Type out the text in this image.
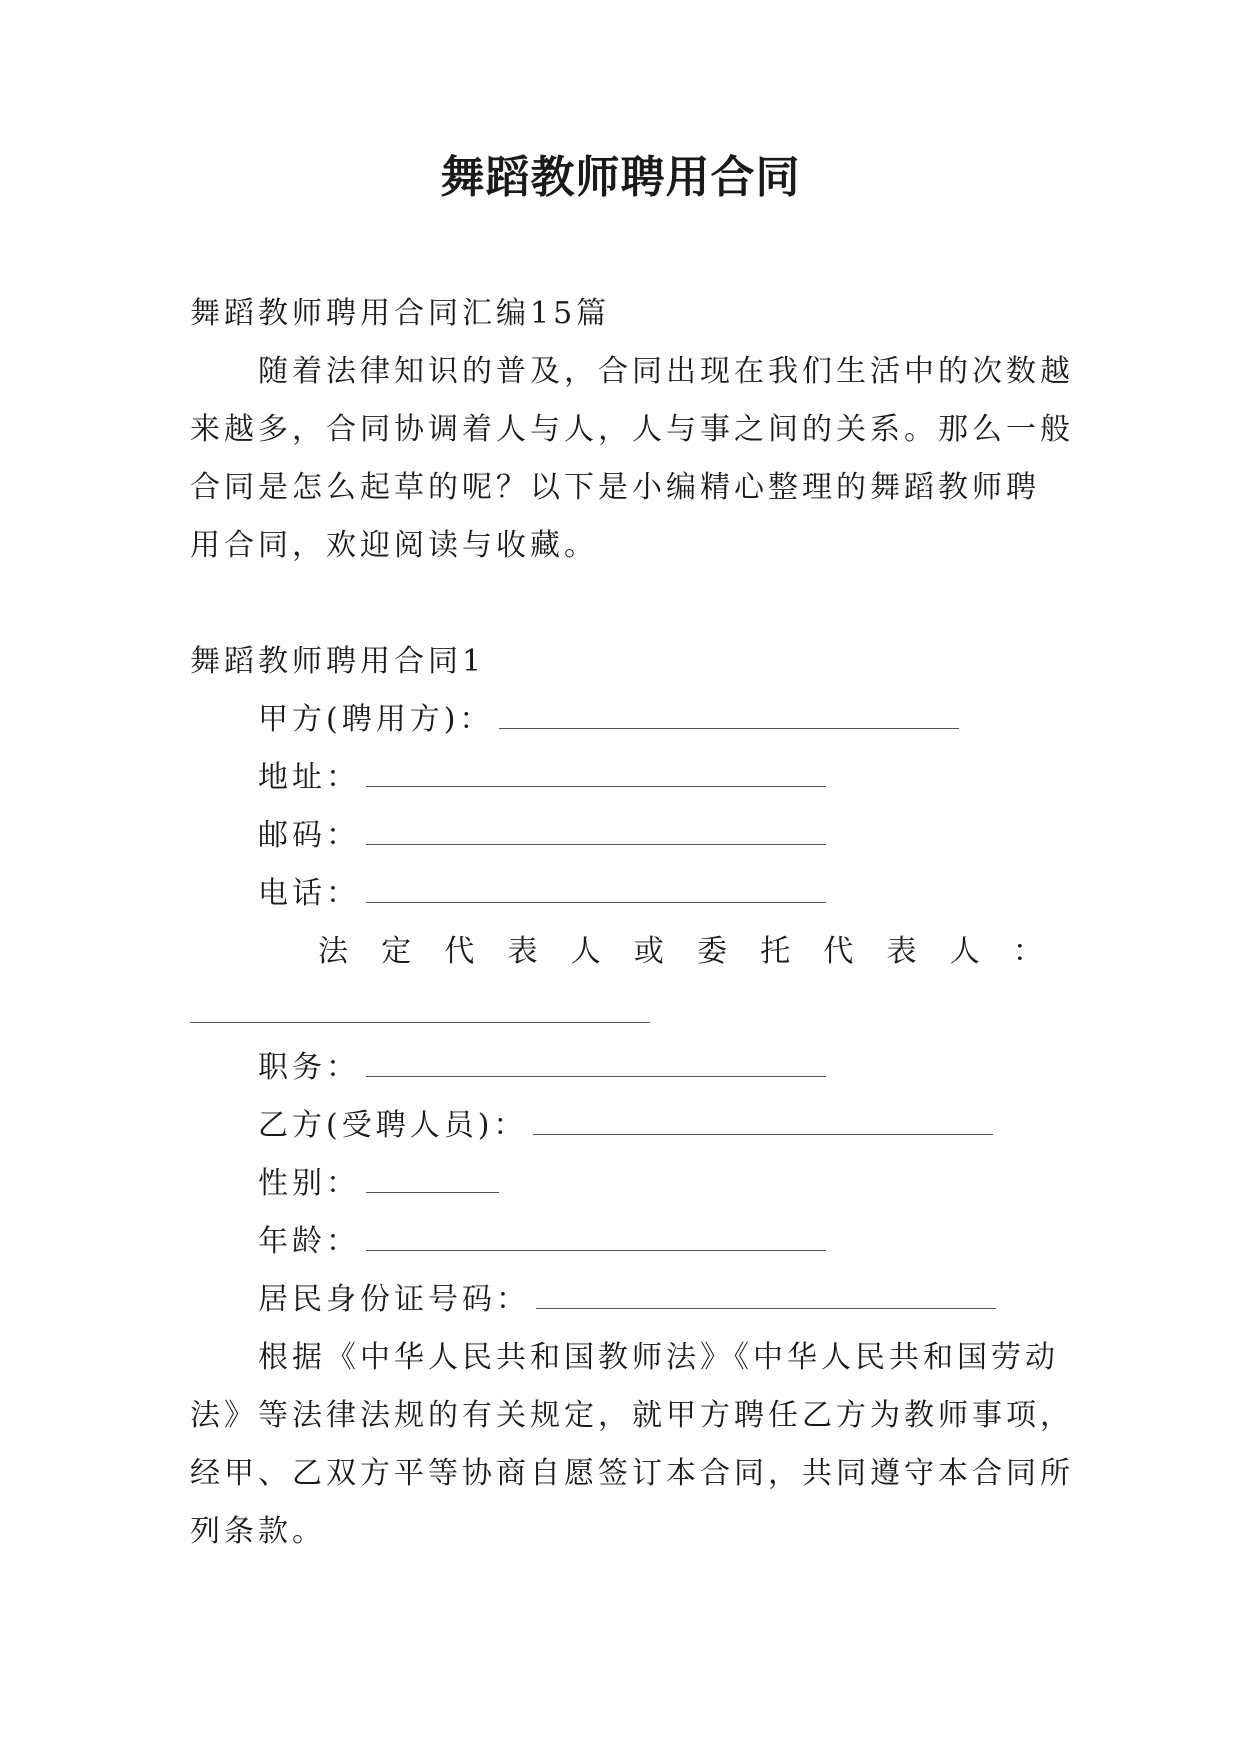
舞蹈教师聘用合同
舞蹈教师聘用合同汇编15篇
随着法律知识的普及，合同出现在我们生活中的次数越
来越多，合同协调着人与人，人与事之间的关系。那么一般
合同是怎么起草的呢？以下是小编精心整理的舞蹈教师聘
用合同，欢迎阅读与收藏。
舞蹈教师聘用合同1
甲方(聘用方)：
地址：
邮码：
电话：
法 定 代 表 人 或 委 托 代 表 人 ：
职务：
乙方(受聘人员)：
性别：
年龄：
居民身份证号码：
根据《中华人民共和国教师法》《中华人民共和国劳动
法》等法律法规的有关规定，就甲方聘任乙方为教师事项，
经甲、乙双方平等协商自愿签订本合同，共同遵守本合同所
列条款。
